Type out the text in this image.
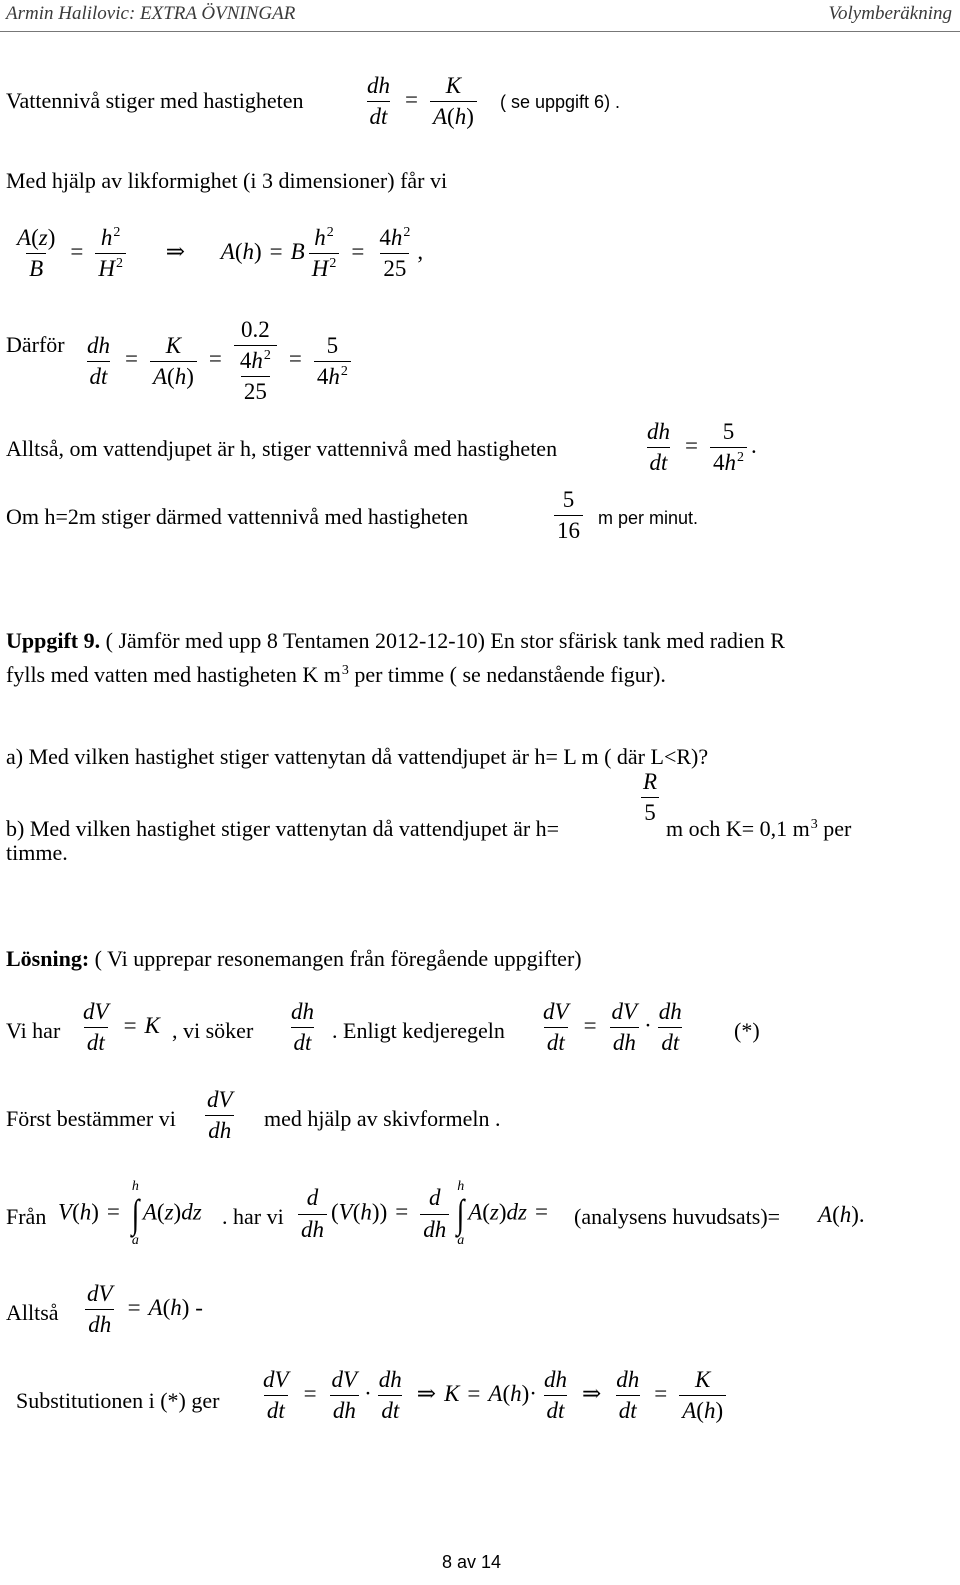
Armin Halilovic: EXTRA ÖVNINGAR	Volymberäkning
Vattennivå stiger med hastigheten	$\frac{dh}{dt} = \frac{K}{A(h)}$ ( se uppgift 6) .
Med hjälp av likformighet (i 3 dimensioner) får vi
$\frac{A(z)}{B} = \frac{h^2}{H^2}$ ⇒ A(h) = B $\frac{h^2}{H^2} = \frac{4h^2}{25}$ ,
Därför $\frac{dh}{dt} = \frac{K}{A(h)} = \frac{0.2}{\frac{4h^2}{25}} = \frac{5}{4h^2}$
Alltså, om vattendjupet är h, stiger vattennivå med hastigheten	$\frac{dh}{dt} = \frac{5}{4h^2}$ .
Om h=2m stiger därmed vattennivå med hastigheten	$\frac{5}{16}$ m per minut.
Uppgift 9. ( Jämför med upp 8 Tentamen 2012-12-10) En stor sfärisk tank med radien R
fylls med vatten med hastigheten K $m^3$ per timme ( se nedanstående figur).
a) Med vilken hastighet stiger vattenytan då vattendjupet är h= L m ( där L<R)?
b) Med vilken hastighet stiger vattenytan då vattendjupet är h=
$\frac{R}{5}$
m och K= 0,1 $m^3$ per
timme.
Lösning: ( Vi upprepar resonemangen från föregående uppgifter)
Vi har $\frac{dV}{dt} = K$ , vi söker $\frac{dh}{dt}$ . Enligt kedjeregeln $\frac{dV}{dt} = \frac{dV}{dh} \cdot \frac{dh}{dt}$ (*)
Först bestämmer vi $\frac{dV}{dh}$ med hjälp av skivformeln .
Från V(h) =
h
∫
a
A(z)dz . har vi $\frac{d}{dh} (V(h)) = \frac{d}{dh}$ h
∫
a
A(z)dz =	(analysens huvudsats)= A(h).
Alltså $\frac{dV}{dh} = A(h)$ -
Substitutionen i (*) ger $\frac{dV}{dt} = \frac{dV}{dh} \cdot \frac{dh}{dt}$ ⇒ $K = A(h)\cdot \frac{dh}{dt}$ ⇒ $\frac{dh}{dt} = \frac{K}{A(h)}$
8 av 14
